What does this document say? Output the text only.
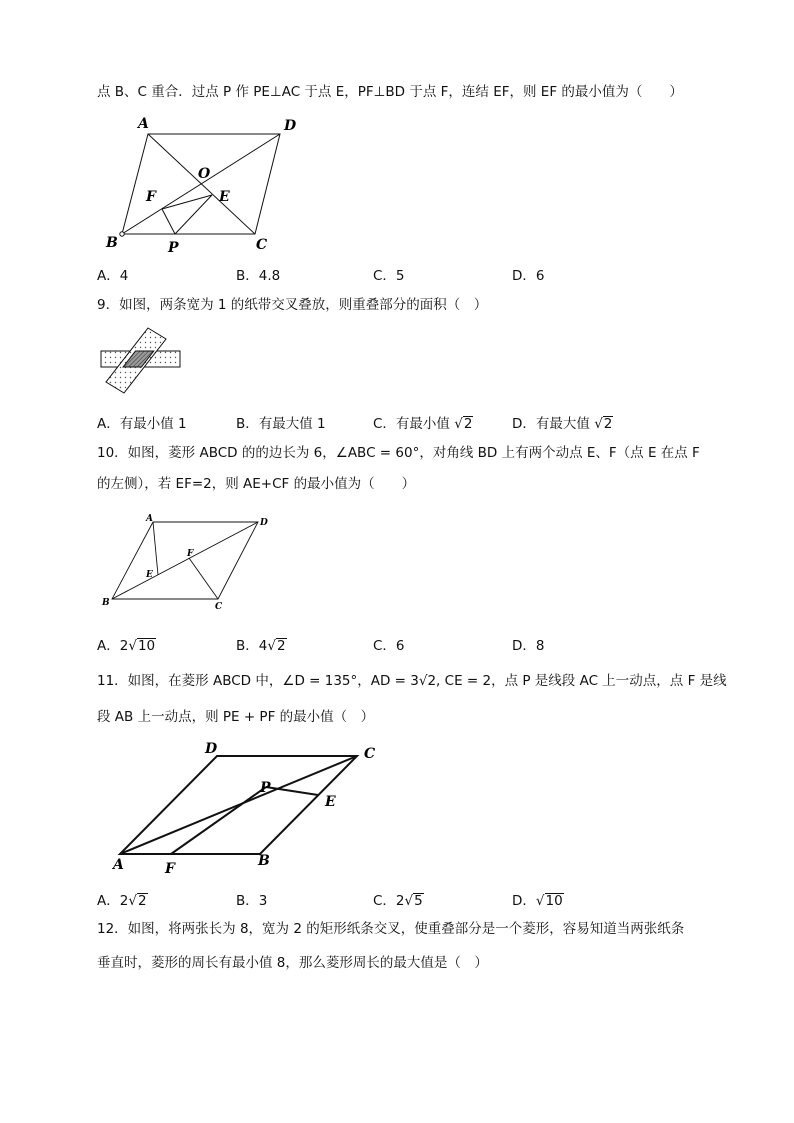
点 B、C 重合．过点 P 作 PE⊥AC 于点 E，PF⊥BD 于点 F，连结 EF，则 EF 的最小值为（　　）
A	D
O
F	E
B	P	C
A．4	B．4.8	C．5	D．6
9．如图，两条宽为 1 的纸带交叉叠放，则重叠部分的面积（　）
A．有最小值 1	B．有最大值 1	C．有最小值 √2	D．有最大值 √2
10．如图，菱形 ABCD 的的边长为 6，∠ABC = 60°，对角线 BD 上有两个动点 E、F（点 E 在点 F
的左侧），若 EF=2，则 AE+CF 的最小值为（　　）
A	D
F
E
B	C
A．2√10	B．4√2	C．6	D．8
11．如图，在菱形 ABCD 中，∠D = 135°，AD = 3√2, CE = 2，点 P 是线段 AC 上一动点，点 F 是线
段 AB 上一动点，则 PE + PF 的最小值（　）
D	C
P
E
A	F	B
A．2√2	B．3	C．2√5	D．√10
12．如图，将两张长为 8，宽为 2 的矩形纸条交叉，使重叠部分是一个菱形，容易知道当两张纸条
垂直时，菱形的周长有最小值 8，那么菱形周长的最大值是（　）
